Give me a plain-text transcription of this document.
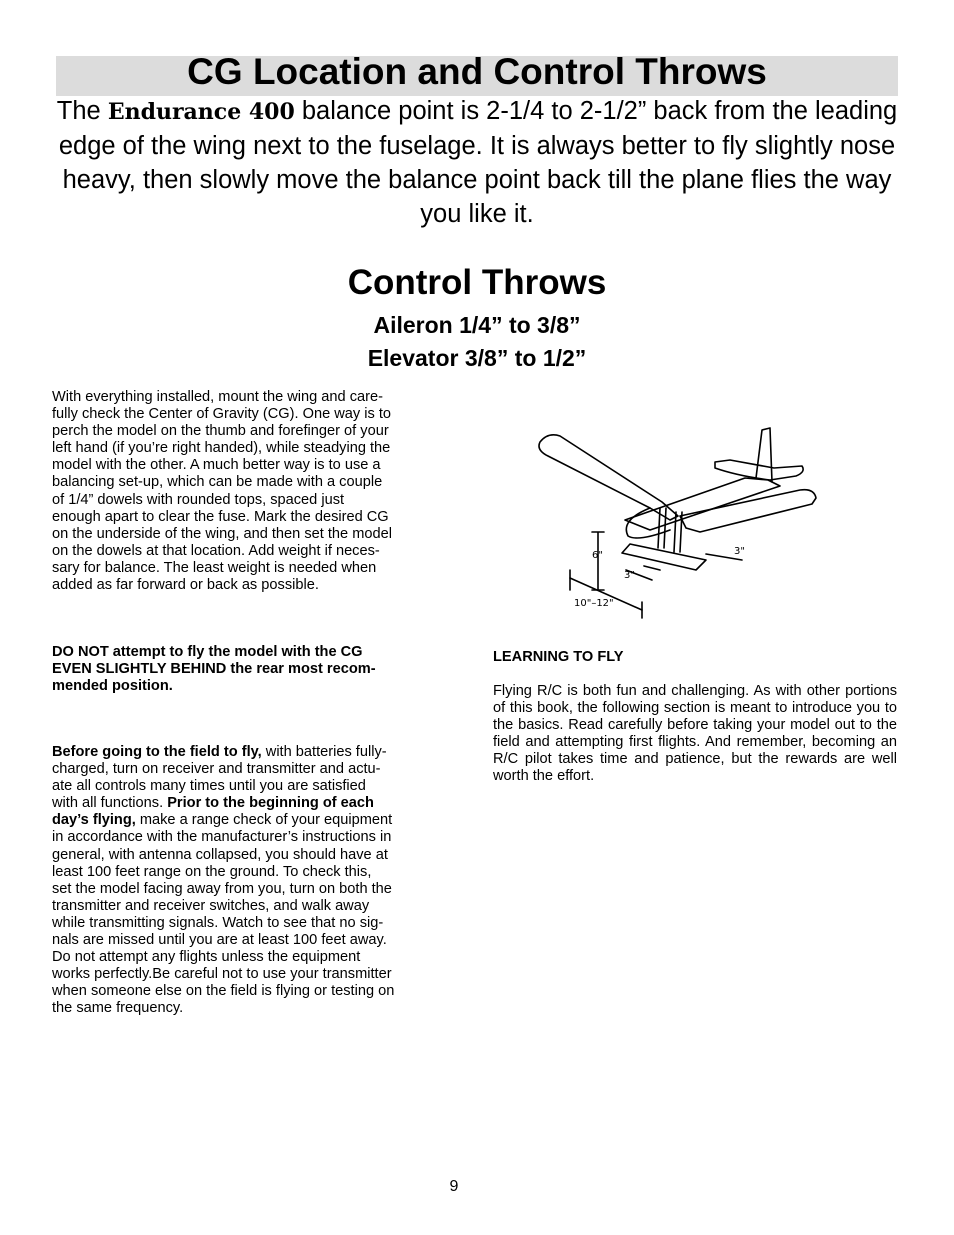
CG Location and Control Throws

The Endurance 400 balance point is 2-1/4 to 2-1/2” back from the leading edge of the wing next to the fuselage. It is always better to fly slightly nose heavy, then slowly move the balance point back till the plane flies the way you like it.

Control Throws

Aileron 1/4” to 3/8”

Elevator 3/8” to 1/2”

With everything installed, mount the wing and care-
fully check the Center of Gravity (CG). One way is to
perch the model on the thumb and forefinger of your
left hand (if you’re right handed), while steadying the
model with the other. A much better way is to use a
balancing set-up, which can be made with a couple
of 1/4” dowels with rounded tops, spaced just
enough apart to clear the fuse. Mark the desired CG
on the underside of the wing, and then set the model
on the dowels at that location. Add weight if neces-
sary for balance. The least weight is needed when
added as far forward or back as possible.

DO NOT attempt to fly the model with the CG
EVEN SLIGHTLY BEHIND the rear most recom-
mended position.

Before going to the field to fly, with batteries fully-
charged, turn on receiver and transmitter and actu-
ate all controls many times until you are satisfied
with all functions. Prior to the beginning of each
day’s flying, make a range check of your equipment
in accordance with the manufacturer’s instructions in
general, with antenna collapsed, you should have at
least 100 feet range on the ground. To check this,
set the model facing away from you, turn on both the
transmitter and receiver switches, and walk away
while transmitting signals. Watch to see that no sig-
nals are missed until you are at least 100 feet away.
Do not attempt any flights unless the equipment
works perfectly.Be careful not to use your transmitter
when someone else on the field is flying or testing on
the same frequency.

6"	3"
3"
10"–12"

LEARNING TO FLY

Flying R/C is both fun and challenging. As with other portions of this book, the following section is meant to introduce you to the basics. Read carefully before taking your model out to the field and attempting first flights. And remember, becoming an R/C pilot takes time and patience, but the rewards are well worth the effort.

9
